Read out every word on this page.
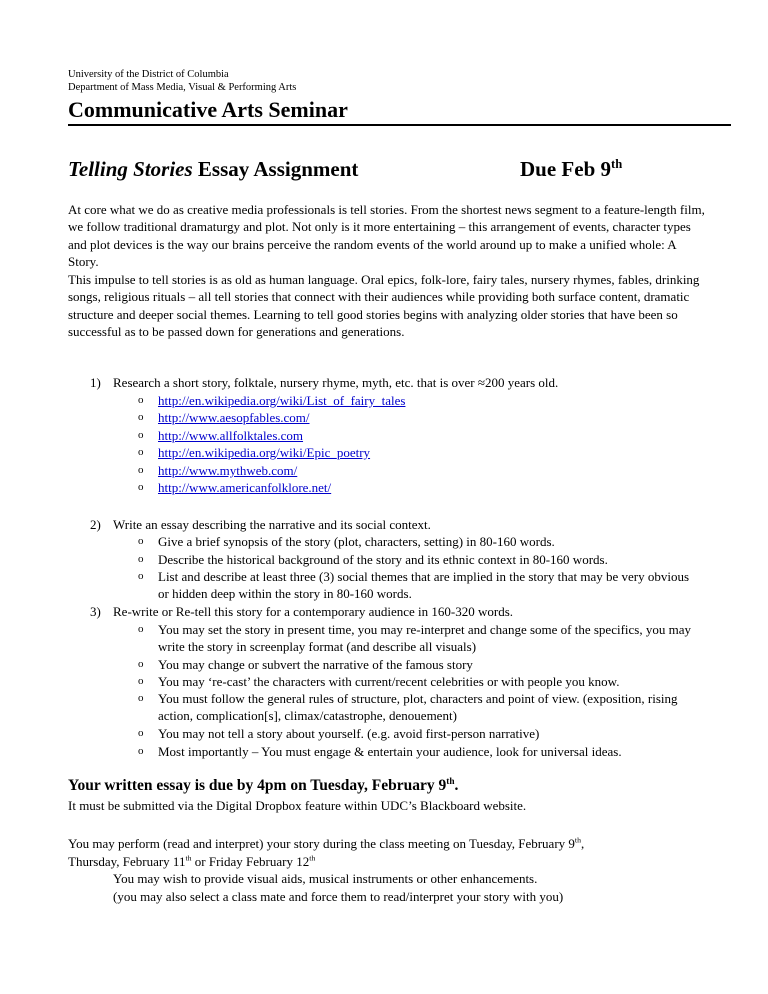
University of the District of Columbia
Department of Mass Media, Visual & Performing Arts
Communicative Arts Seminar
Telling Stories Essay Assignment	Due Feb 9th
At core what we do as creative media professionals is tell stories. From the shortest news segment to a feature-length film, we follow traditional dramaturgy and plot. Not only is it more entertaining – this arrangement of events, character types and plot devices is the way our brains perceive the random events of the world around up to make a unified whole: A Story.
This impulse to tell stories is as old as human language. Oral epics, folk-lore, fairy tales, nursery rhymes, fables, drinking songs, religious rituals – all tell stories that connect with their audiences while providing both surface content, dramatic structure and deeper social themes. Learning to tell good stories begins with analyzing older stories that have been so successful as to be passed down for generations and generations.
1) Research a short story, folktale, nursery rhyme, myth, etc. that is over ≈200 years old.
o http://en.wikipedia.org/wiki/List_of_fairy_tales
o http://www.aesopfables.com/
o http://www.allfolktales.com
o http://en.wikipedia.org/wiki/Epic_poetry
o http://www.mythweb.com/
o http://www.americanfolklore.net/
2) Write an essay describing the narrative and its social context.
o Give a brief synopsis of the story (plot, characters, setting) in 80-160 words.
o Describe the historical background of the story and its ethnic context in 80-160 words.
o List and describe at least three (3) social themes that are implied in the story that may be very obvious or hidden deep within the story in 80-160 words.
3) Re-write or Re-tell this story for a contemporary audience in 160-320 words.
o You may set the story in present time, you may re-interpret and change some of the specifics, you may write the story in screenplay format (and describe all visuals)
o You may change or subvert the narrative of the famous story
o You may ‘re-cast’ the characters with current/recent celebrities or with people you know.
o You must follow the general rules of structure, plot, characters and point of view. (exposition, rising action, complication[s], climax/catastrophe, denouement)
o You may not tell a story about yourself. (e.g. avoid first-person narrative)
o Most importantly – You must engage & entertain your audience, look for universal ideas.
Your written essay is due by 4pm on Tuesday, February 9th.
It must be submitted via the Digital Dropbox feature within UDC’s Blackboard website.
You may perform (read and interpret) your story during the class meeting on Tuesday, February 9th,
Thursday, February 11th or Friday February 12th
You may wish to provide visual aids, musical instruments or other enhancements.
(you may also select a class mate and force them to read/interpret your story with you)
